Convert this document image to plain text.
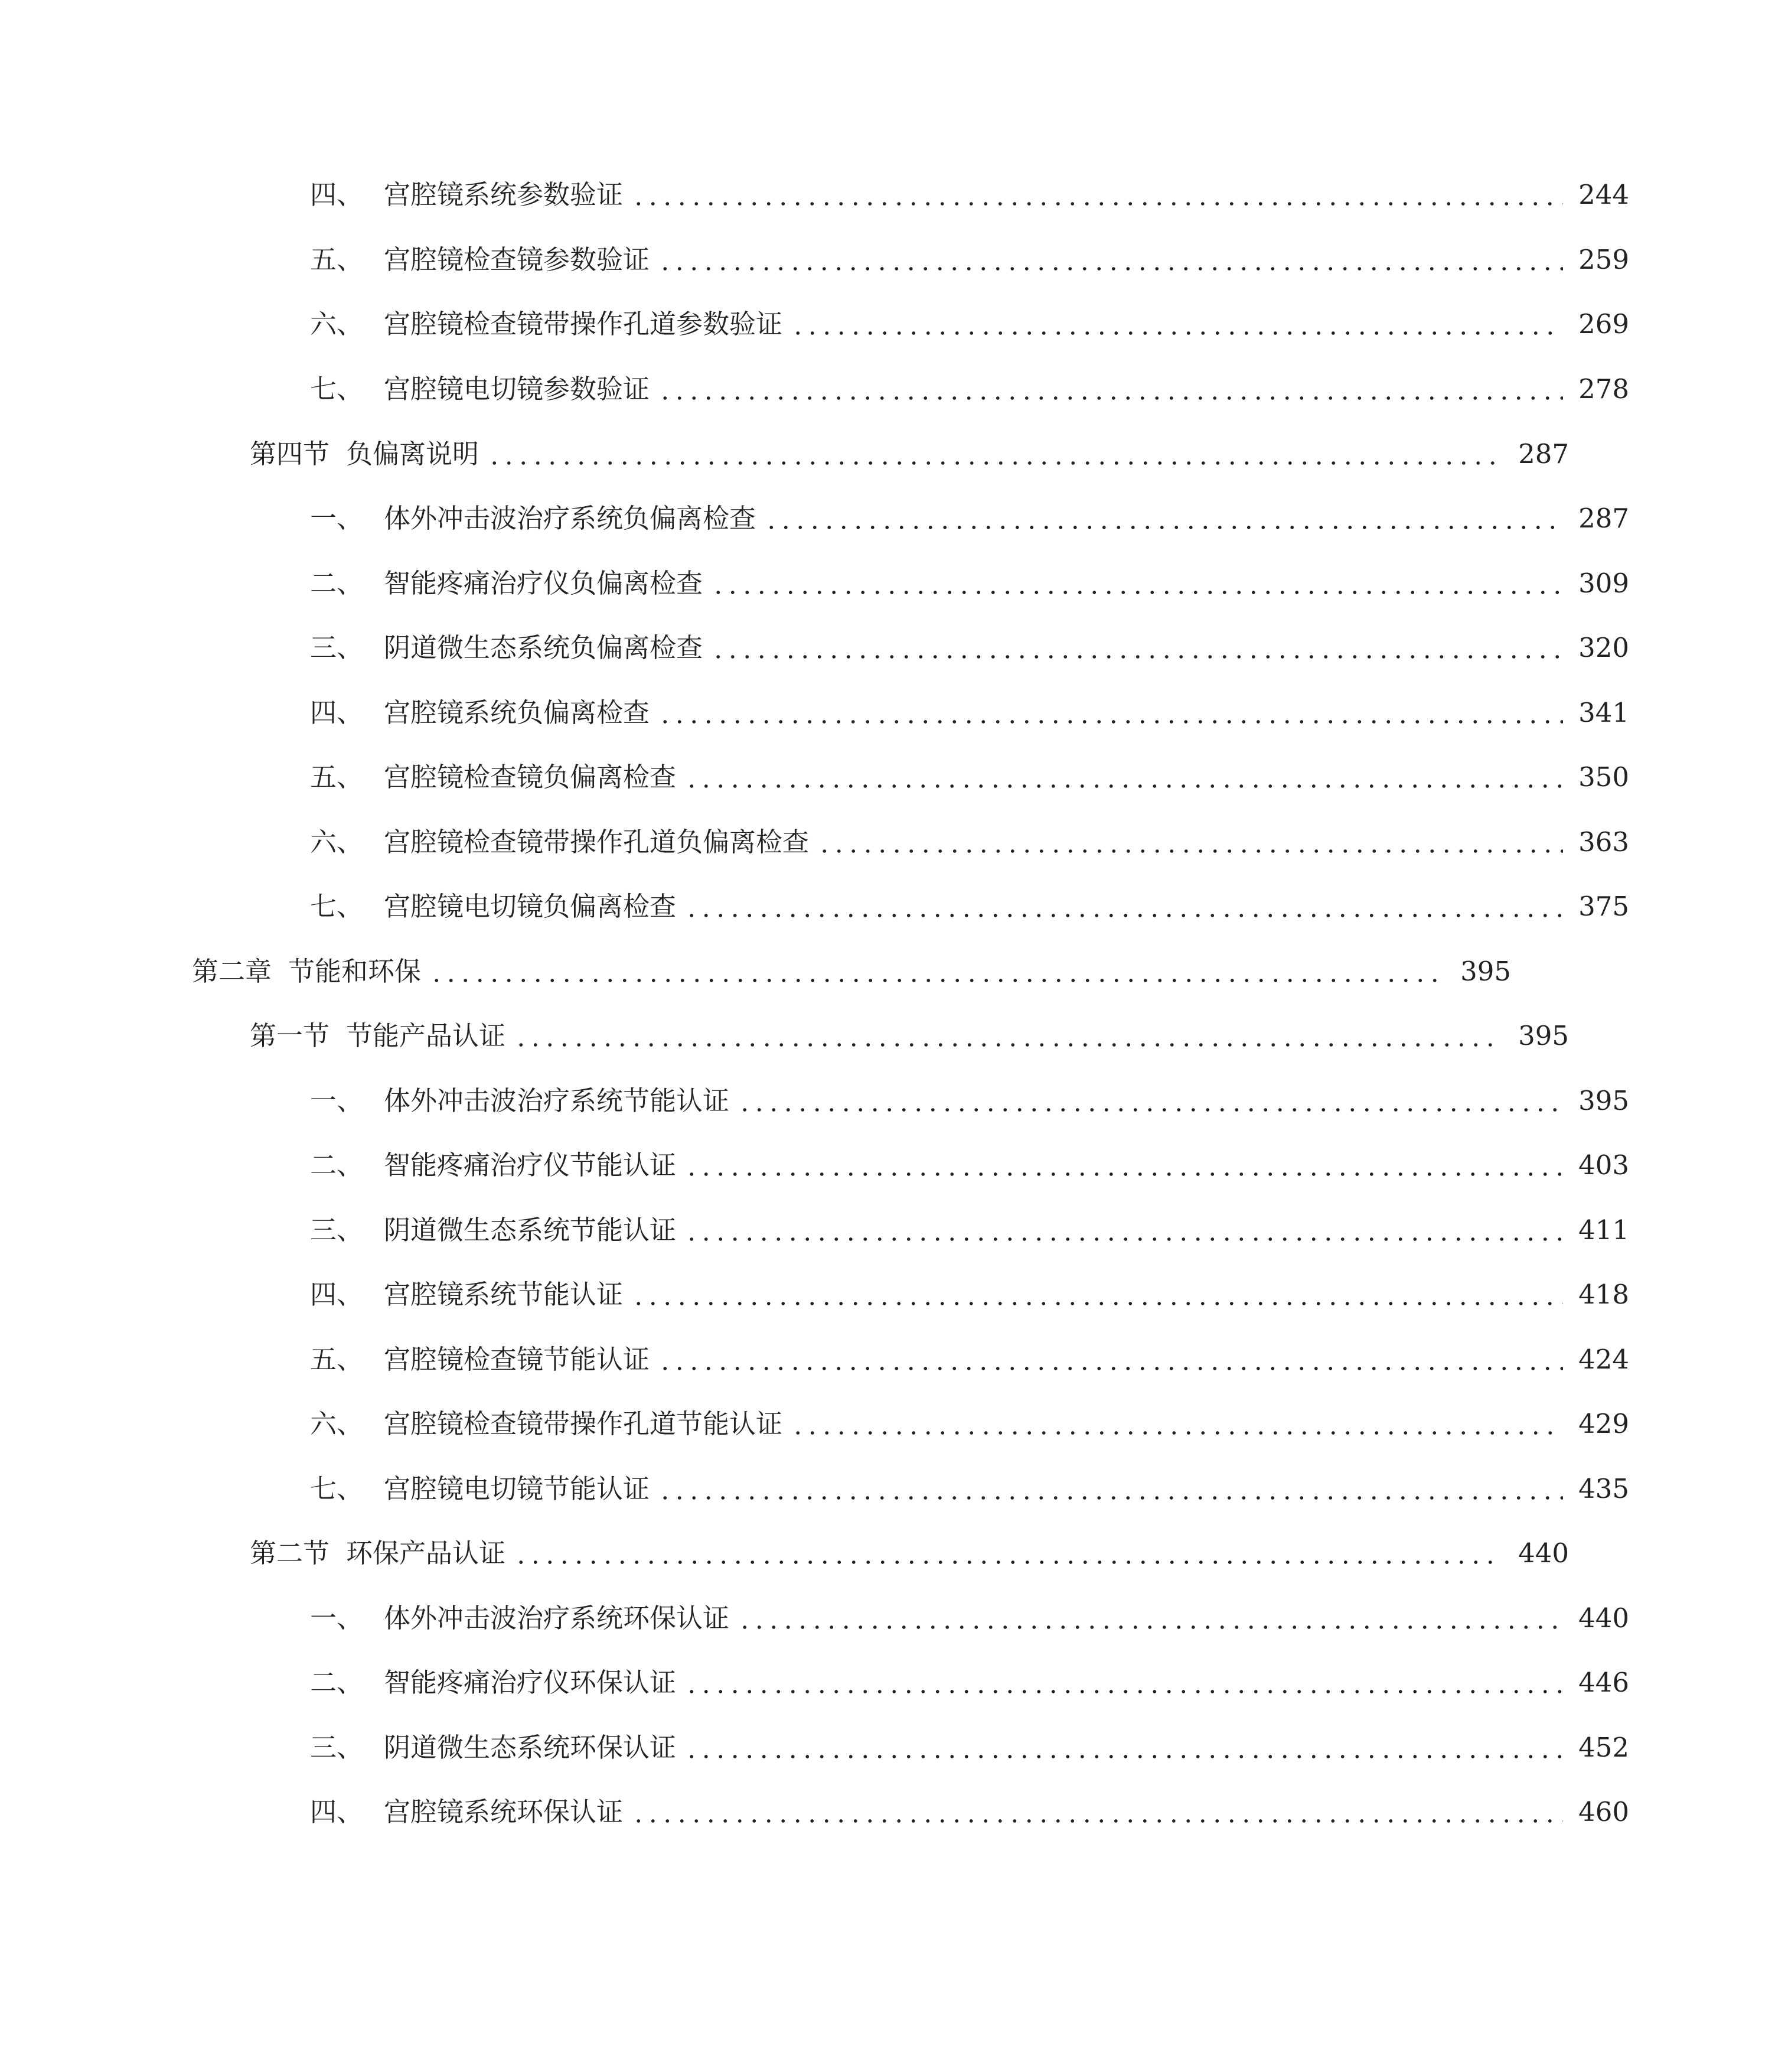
四、 宫腔镜系统参数验证	244
五、 宫腔镜检查镜参数验证	259
六、 宫腔镜检查镜带操作孔道参数验证	269
七、 宫腔镜电切镜参数验证	278
第四节 负偏离说明	287
一、 体外冲击波治疗系统负偏离检查	287
二、 智能疼痛治疗仪负偏离检查	309
三、 阴道微生态系统负偏离检查	320
四、 宫腔镜系统负偏离检查	341
五、 宫腔镜检查镜负偏离检查	350
六、 宫腔镜检查镜带操作孔道负偏离检查	363
七、 宫腔镜电切镜负偏离检查	375
第二章 节能和环保	395
第一节 节能产品认证	395
一、 体外冲击波治疗系统节能认证	395
二、 智能疼痛治疗仪节能认证	403
三、 阴道微生态系统节能认证	411
四、 宫腔镜系统节能认证	418
五、 宫腔镜检查镜节能认证	424
六、 宫腔镜检查镜带操作孔道节能认证	429
七、 宫腔镜电切镜节能认证	435
第二节 环保产品认证	440
一、 体外冲击波治疗系统环保认证	440
二、 智能疼痛治疗仪环保认证	446
三、 阴道微生态系统环保认证	452
四、 宫腔镜系统环保认证	460
